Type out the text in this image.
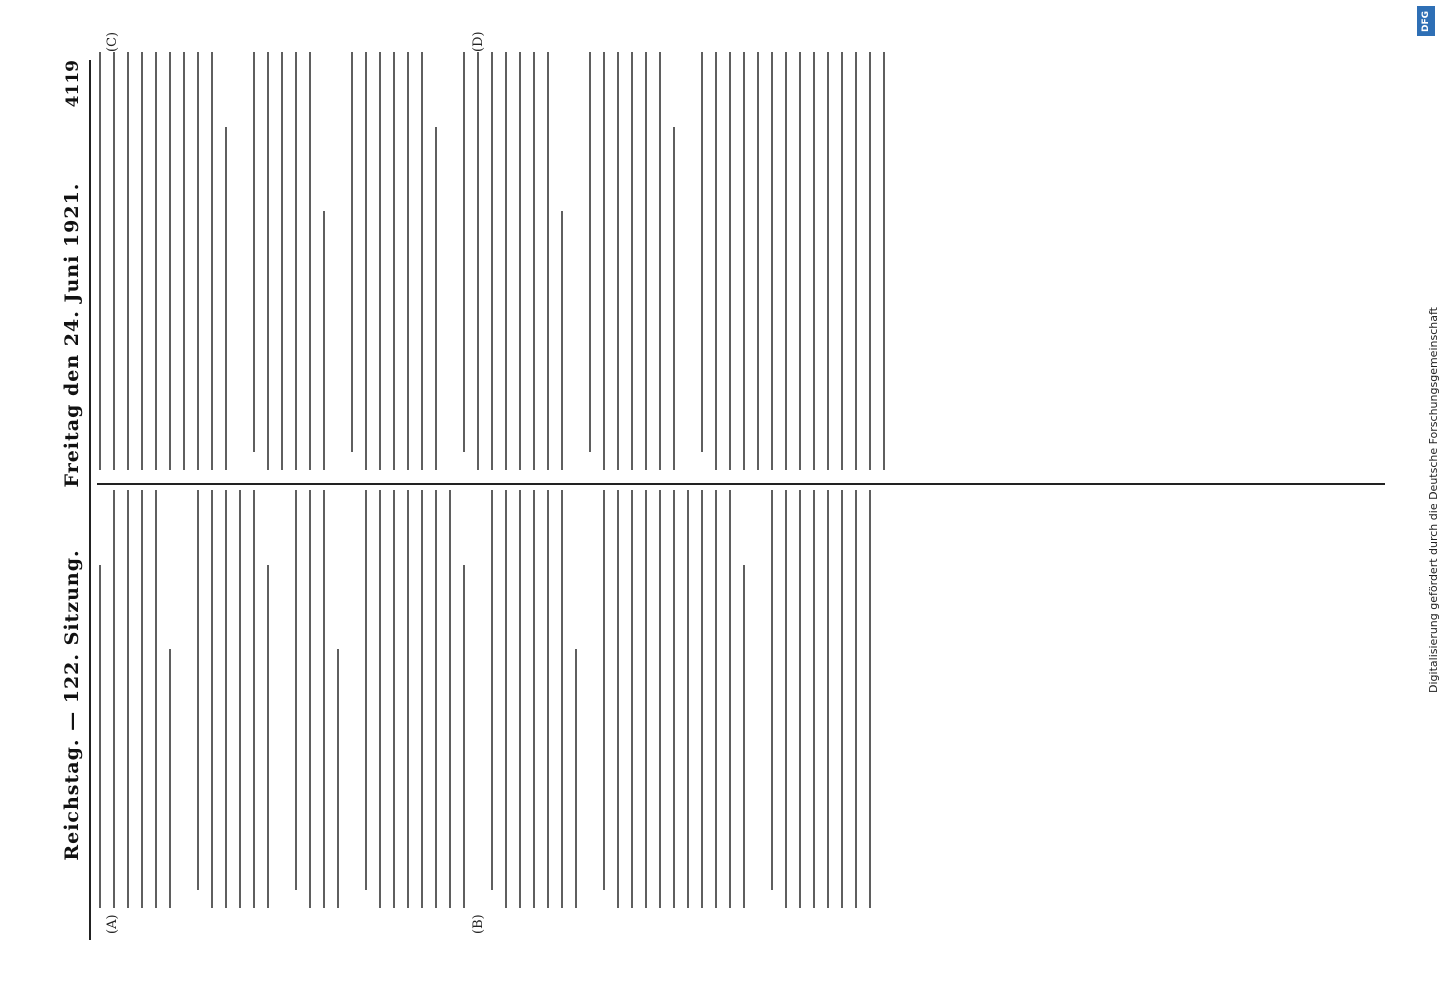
Reichstag. — 122. Sitzung.
Freitag den 24. Juni 1921.
4119
(A)	(B)
(C)	(D)
Digitalisierung gefördert durch die Deutsche Forschungsgemeinschaft
DFG
